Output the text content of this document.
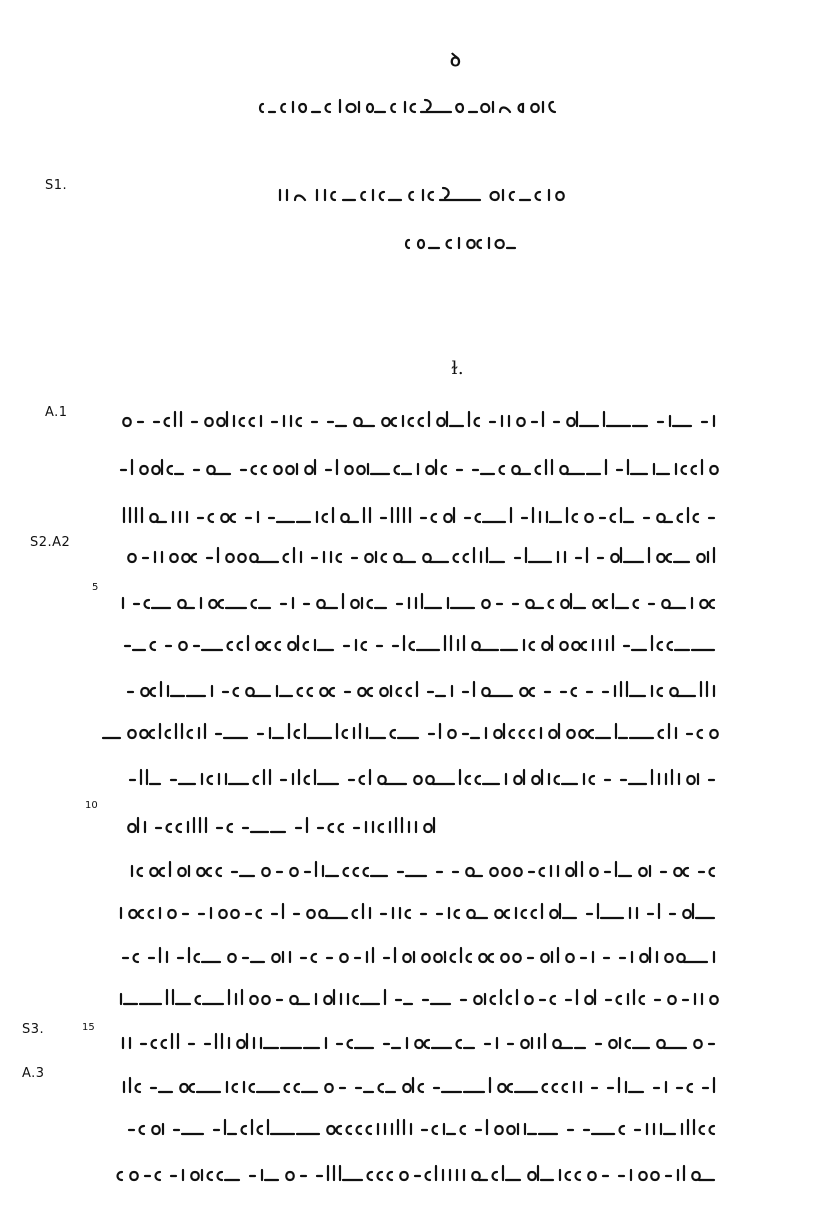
ꝺ
S1.
ɫ.
A.1
S2.A2
5
10
S3.	15
A.3
